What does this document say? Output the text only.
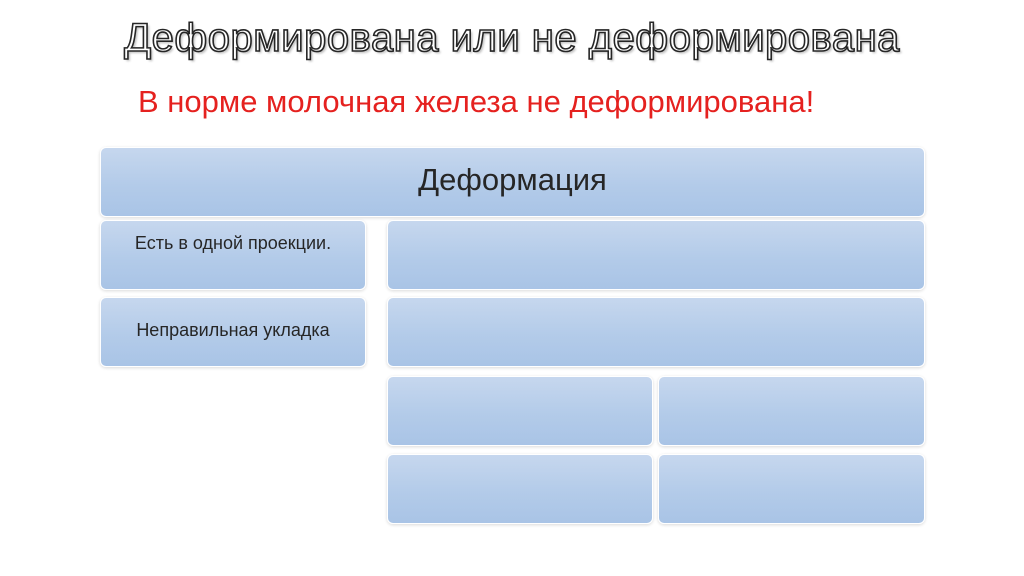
Деформирована или не деформирована
В норме молочная железа не деформирована!
Деформация
Есть в одной проекции.
Неправильная укладка
